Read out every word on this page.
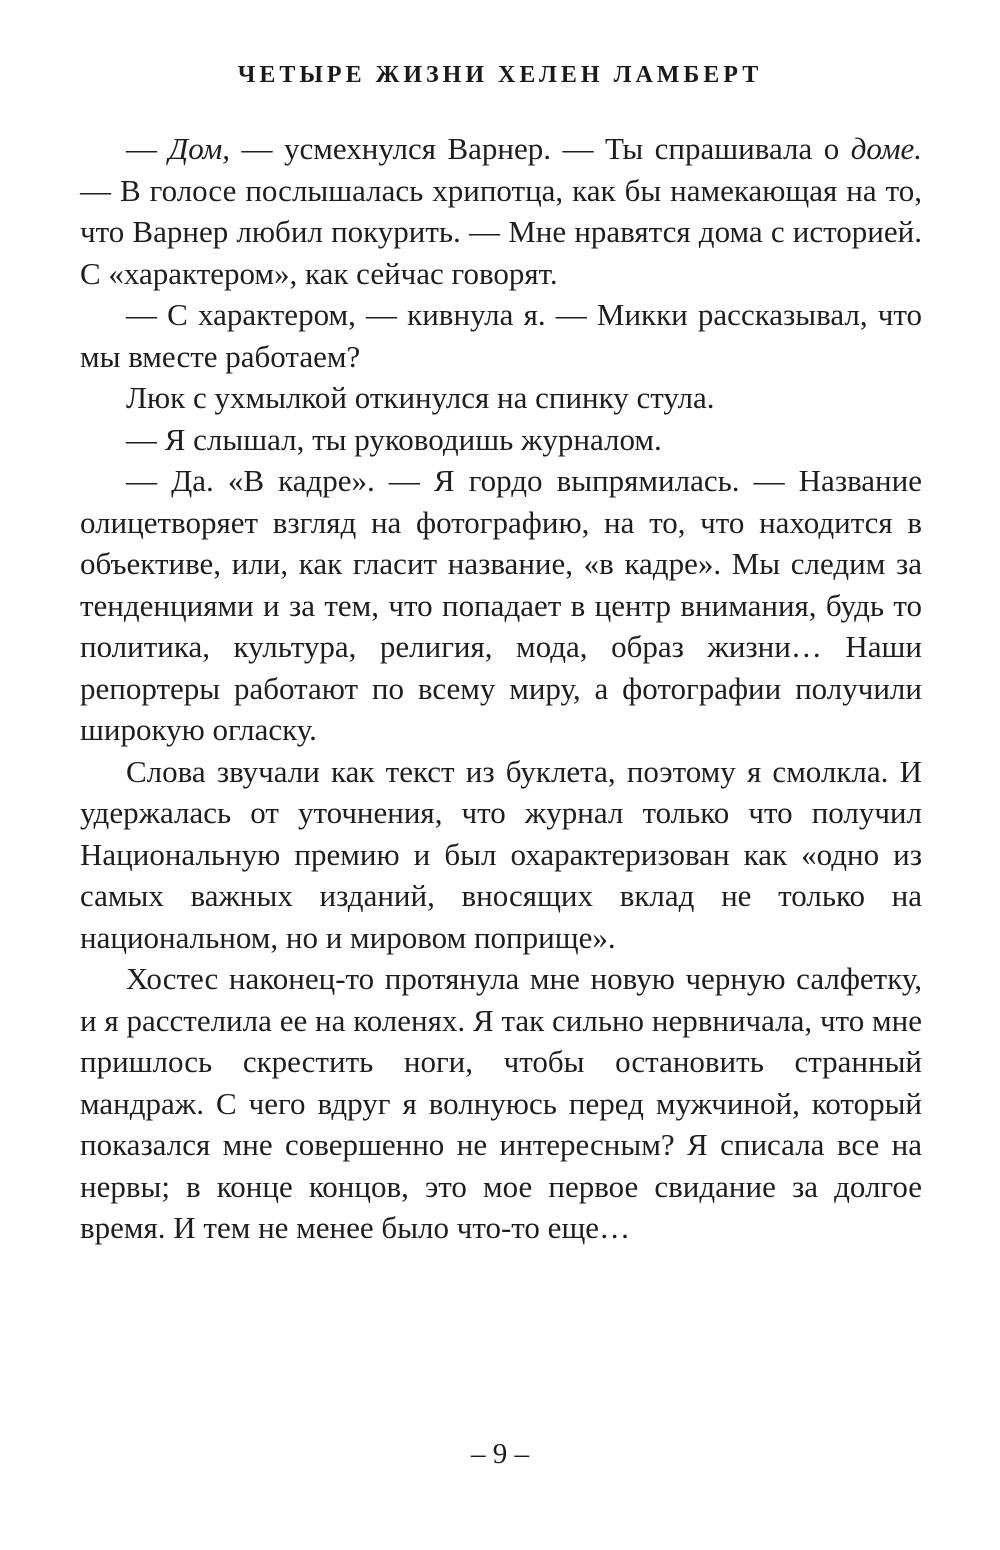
ЧЕТЫРЕ ЖИЗНИ ХЕЛЕН ЛАМБЕРТ

— Дом, — усмехнулся Варнер. — Ты спрашивала о доме. — В голосе послышалась хрипотца, как бы намекающая на то, что Варнер любил покурить. — Мне нравятся дома с историей. С «характером», как сейчас говорят.

— С характером, — кивнула я. — Микки рассказывал, что мы вместе работаем?

Люк с ухмылкой откинулся на спинку стула.

— Я слышал, ты руководишь журналом.

— Да. «В кадре». — Я гордо выпрямилась. — Название олицетворяет взгляд на фотографию, на то, что находится в объективе, или, как гласит название, «в кадре». Мы следим за тенденциями и за тем, что попадает в центр внимания, будь то политика, культура, религия, мода, образ жизни… Наши репортеры работают по всему миру, а фотографии получили широкую огласку.

Слова звучали как текст из буклета, поэтому я смолкла. И удержалась от уточнения, что журнал только что получил Национальную премию и был охарактеризован как «одно из самых важных изданий, вносящих вклад не только на национальном, но и мировом поприще».

Хостес наконец-то протянула мне новую черную салфетку, и я расстелила ее на коленях. Я так сильно нервничала, что мне пришлось скрестить ноги, чтобы остановить странный мандраж. С чего вдруг я волнуюсь перед мужчиной, который показался мне совершенно не интересным? Я списала все на нервы; в конце концов, это мое первое свидание за долгое время. И тем не менее было что-то еще…

– 9 –
